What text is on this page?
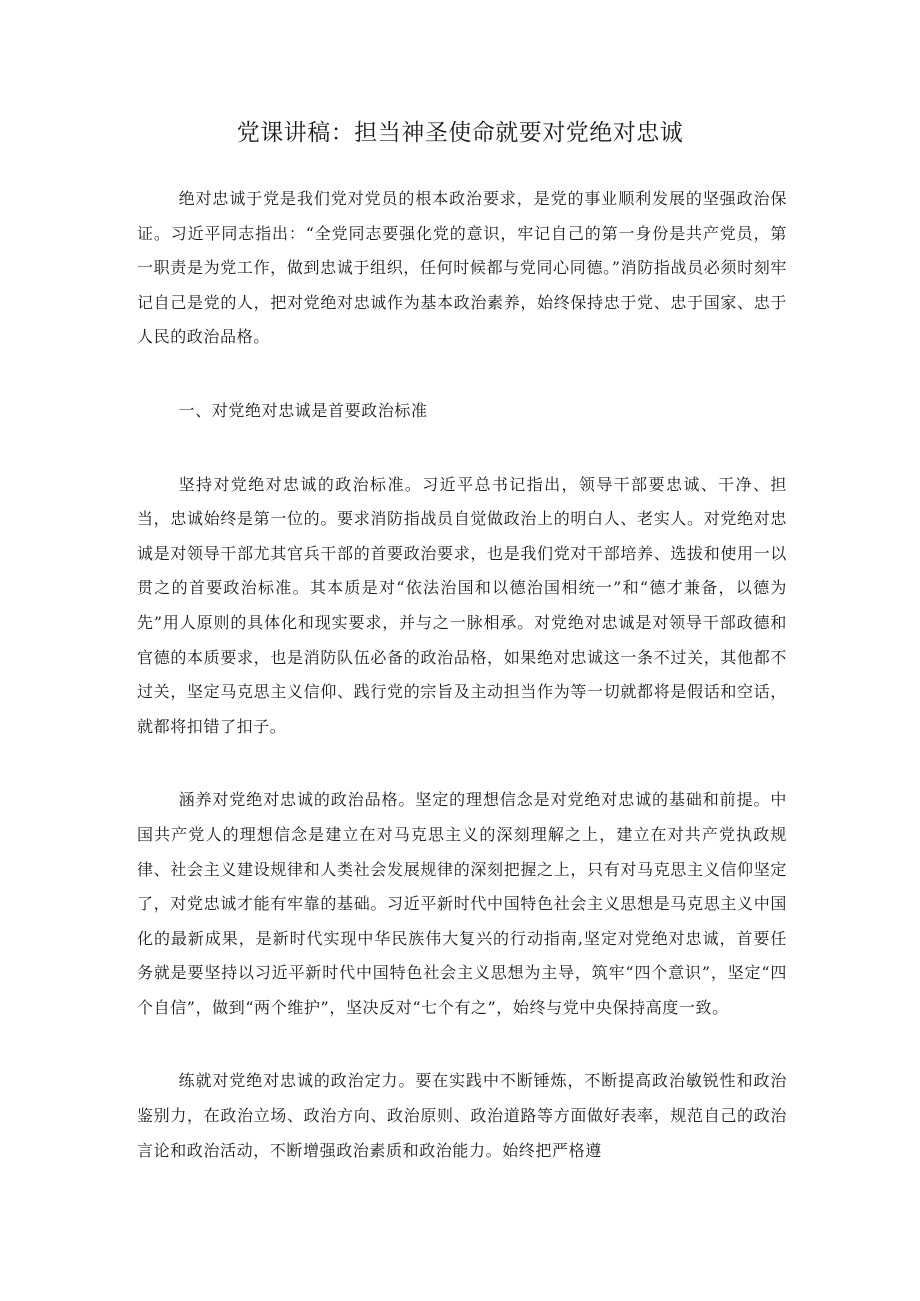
党课讲稿：担当神圣使命就要对党绝对忠诚

绝对忠诚于党是我们党对党员的根本政治要求，是党的事业顺利发展的坚强政治保证。习近平同志指出：“全党同志要强化党的意识，牢记自己的第一身份是共产党员，第一职责是为党工作，做到忠诚于组织，任何时候都与党同心同德。”消防指战员必须时刻牢记自己是党的人，把对党绝对忠诚作为基本政治素养，始终保持忠于党、忠于国家、忠于人民的政治品格。

一、对党绝对忠诚是首要政治标准

坚持对党绝对忠诚的政治标准。习近平总书记指出，领导干部要忠诚、干净、担当，忠诚始终是第一位的。要求消防指战员自觉做政治上的明白人、老实人。对党绝对忠诚是对领导干部尤其官兵干部的首要政治要求，也是我们党对干部培养、选拔和使用一以贯之的首要政治标准。其本质是对“依法治国和以德治国相统一”和“德才兼备，以德为先”用人原则的具体化和现实要求，并与之一脉相承。对党绝对忠诚是对领导干部政德和官德的本质要求，也是消防队伍必备的政治品格，如果绝对忠诚这一条不过关，其他都不过关，坚定马克思主义信仰、践行党的宗旨及主动担当作为等一切就都将是假话和空话，就都将扣错了扣子。

涵养对党绝对忠诚的政治品格。坚定的理想信念是对党绝对忠诚的基础和前提。中国共产党人的理想信念是建立在对马克思主义的深刻理解之上，建立在对共产党执政规律、社会主义建设规律和人类社会发展规律的深刻把握之上，只有对马克思主义信仰坚定了，对党忠诚才能有牢靠的基础。习近平新时代中国特色社会主义思想是马克思主义中国化的最新成果，是新时代实现中华民族伟大复兴的行动指南,坚定对党绝对忠诚，首要任务就是要坚持以习近平新时代中国特色社会主义思想为主导，筑牢“四个意识”，坚定“四个自信”，做到“两个维护”，坚决反对“七个有之”，始终与党中央保持高度一致。

练就对党绝对忠诚的政治定力。要在实践中不断锤炼，不断提高政治敏锐性和政治鉴别力，在政治立场、政治方向、政治原则、政治道路等方面做好表率，规范自己的政治言论和政治活动，不断增强政治素质和政治能力。始终把严格遵
